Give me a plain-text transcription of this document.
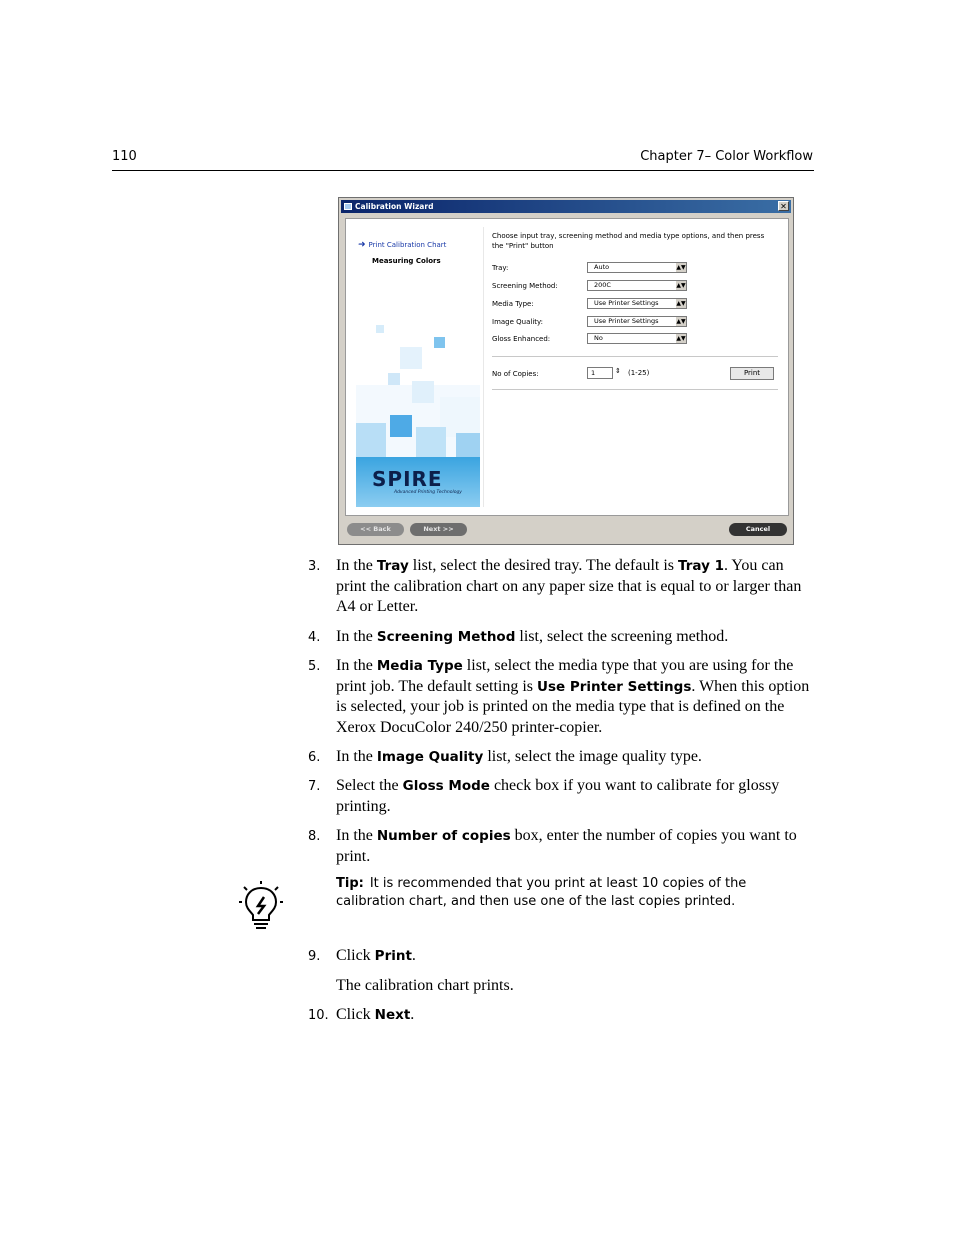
110	Chapter 7– Color Workflow
Calibration Wizard	✕
➜ Print Calibration Chart
Measuring Colors
SPIRE
Advanced Printing Technology
Choose input tray, screening method and media type options, and then press the "Print" button
Tray:	Auto	▲▼
Screening Method:	200C	▲▼
Media Type:	Use Printer Settings	▲▼
Image Quality:	Use Printer Settings	▲▼
Gloss Enhanced:	No	▲▼
No of Copies:	1	⇕ (1-25)	Print
<< Back	Next >>	Cancel
3. In the Tray list, select the desired tray. The default is Tray 1. You can print the calibration chart on any paper size that is equal to or larger than A4 or Letter.
4. In the Screening Method list, select the screening method.
5. In the Media Type list, select the media type that you are using for the print job. The default setting is Use Printer Settings. When this option is selected, your job is printed on the media type that is defined on the Xerox DocuColor 240/250 printer-copier.
6. In the Image Quality list, select the image quality type.
7. Select the Gloss Mode check box if you want to calibrate for glossy printing.
8. In the Number of copies box, enter the number of copies you want to print.
Tip: It is recommended that you print at least 10 copies of the calibration chart, and then use one of the last copies printed.
9. Click Print.
The calibration chart prints.
10. Click Next.
